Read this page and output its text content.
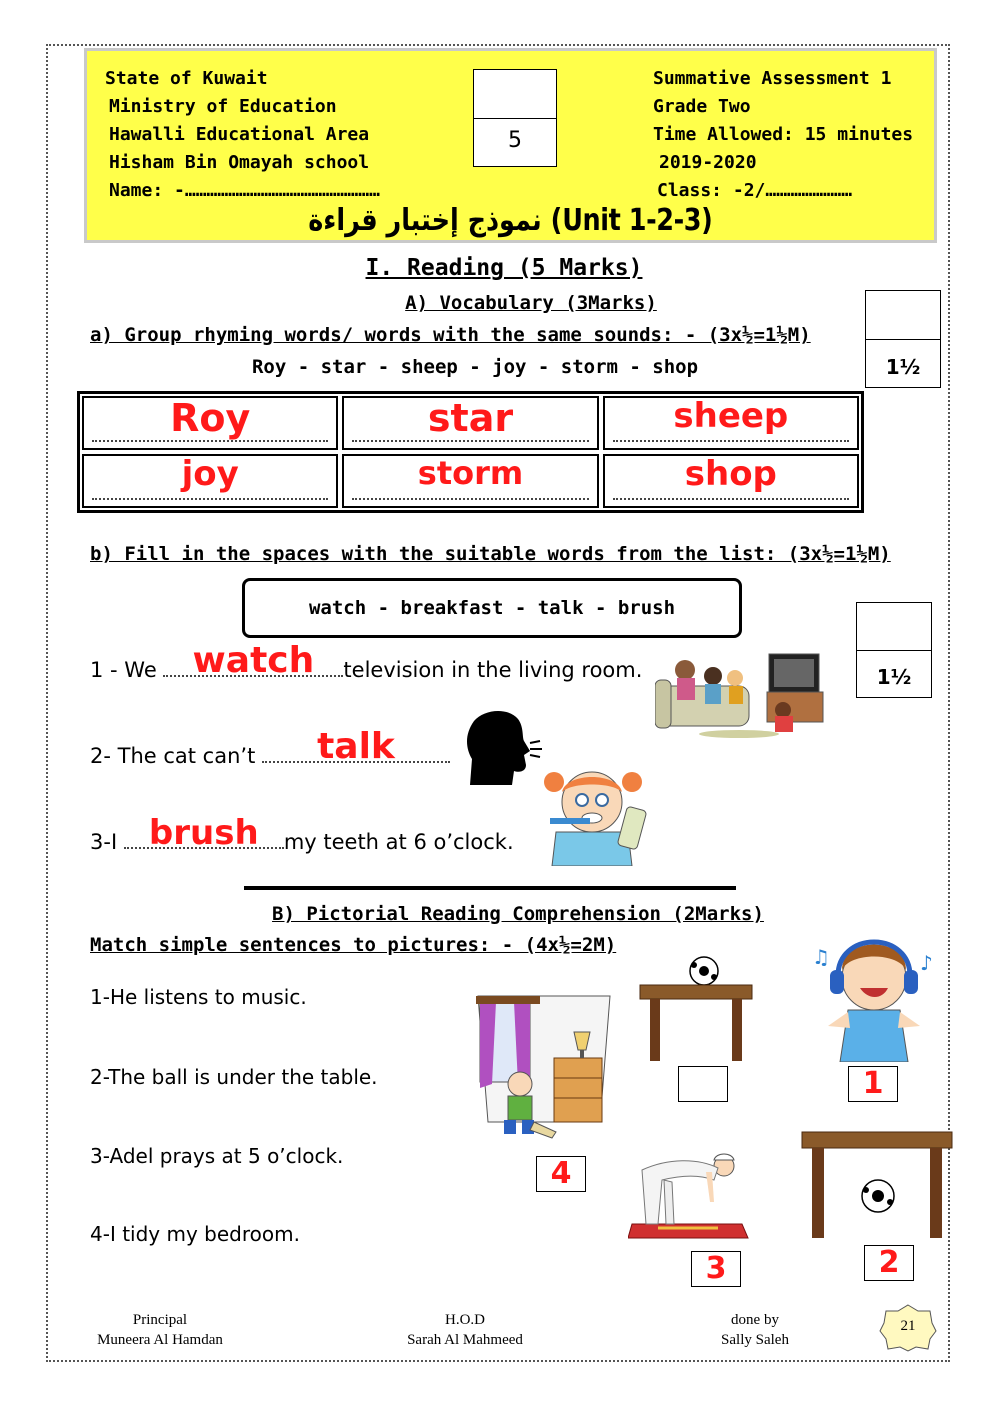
State of Kuwait
Ministry of Education
Hawalli Educational Area
Hisham Bin Omayah school
Name: -………………………………………………
5
Summative Assessment 1
Grade Two
Time Allowed: 15 minutes
2019-2020
Class: -2/……………………
نموذج إختبار قراءة (Unit 1-2-3)
I. Reading (5 Marks)
A) Vocabulary (3Marks)
a) Group rhyming words/ words with the same sounds: - (3x½=1½M)
1½
Roy - star - sheep - joy - storm - shop
Roy	star	sheep
joy	storm	shop
b) Fill in the spaces with the suitable words from the list: (3x½=1½M)
watch - breakfast - talk - brush
1½
1 - We watch	television in the living room.
2- The cat can’t	talk
3-I brush	my teeth at 6 o’clock.
B) Pictorial Reading Comprehension (2Marks)
Match simple sentences to pictures: - (4x½=2M)
1-He listens to music.
2-The ball is under the table.
3-Adel prays at 5 o’clock.
4-I tidy my bedroom.
♫	♪
4
1
3	2
Principal
Muneera Al Hamdan
H.O.D
Sarah Al Mahmeed
done by
Sally Saleh
21
